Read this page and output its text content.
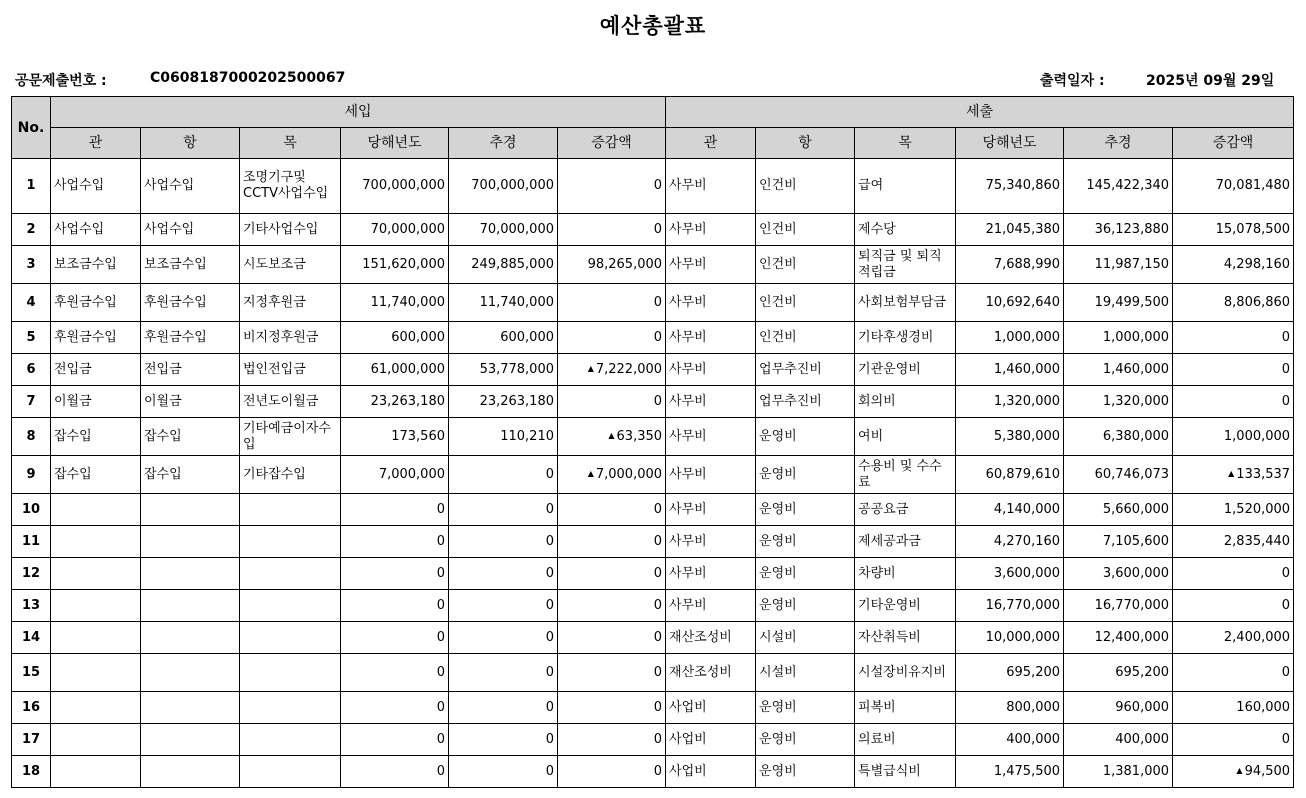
예산총괄표
공문제출번호 :	C0608187000202500067	출력일자 :	2025년 09월 29일
No.	세입						세출					
	관	항	목	당해년도	추경	증감액	관	항	목	당해년도	추경	증감액
1	사업수입	사업수입	조명기구및 CCTV사업수입	700,000,000	700,000,000	0	사무비	인건비	급여	75,340,860	145,422,340	70,081,480
2	사업수입	사업수입	기타사업수입	70,000,000	70,000,000	0	사무비	인건비	제수당	21,045,380	36,123,880	15,078,500
3	보조금수입	보조금수입	시도보조금	151,620,000	249,885,000	98,265,000	사무비	인건비	퇴직금 및 퇴직적립금	7,688,990	11,987,150	4,298,160
4	후원금수입	후원금수입	지정후원금	11,740,000	11,740,000	0	사무비	인건비	사회보험부담금	10,692,640	19,499,500	8,806,860
5	후원금수입	후원금수입	비지정후원금	600,000	600,000	0	사무비	인건비	기타후생경비	1,000,000	1,000,000	0
6	전입금	전입금	법인전입금	61,000,000	53,778,000	▲ 7,222,000	사무비	업무추진비	기관운영비	1,460,000	1,460,000	0
7	이월금	이월금	전년도이월금	23,263,180	23,263,180	0	사무비	업무추진비	회의비	1,320,000	1,320,000	0
8	잡수입	잡수입	기타예금이자수입	173,560	110,210	▲ 63,350	사무비	운영비	여비	5,380,000	6,380,000	1,000,000
9	잡수입	잡수입	기타잡수입	7,000,000	0	▲ 7,000,000	사무비	운영비	수용비 및 수수료	60,879,610	60,746,073	▲ 133,537
10				0	0	0	사무비	운영비	공공요금	4,140,000	5,660,000	1,520,000
11				0	0	0	사무비	운영비	제세공과금	4,270,160	7,105,600	2,835,440
12				0	0	0	사무비	운영비	차량비	3,600,000	3,600,000	0
13				0	0	0	사무비	운영비	기타운영비	16,770,000	16,770,000	0
14				0	0	0	재산조성비	시설비	자산취득비	10,000,000	12,400,000	2,400,000
15				0	0	0	재산조성비	시설비	시설장비유지비	695,200	695,200	0
16				0	0	0	사업비	운영비	피복비	800,000	960,000	160,000
17				0	0	0	사업비	운영비	의료비	400,000	400,000	0
18				0	0	0	사업비	운영비	특별급식비	1,475,500	1,381,000	▲ 94,500
